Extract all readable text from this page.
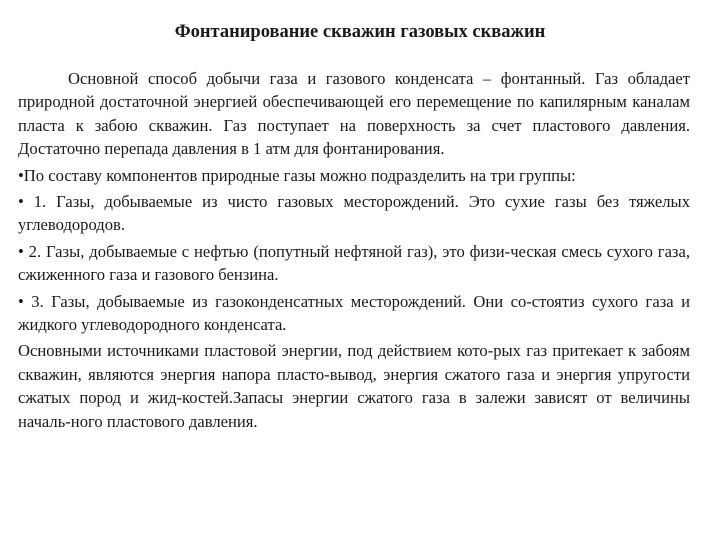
Фонтанирование скважин газовых скважин

Основной способ добычи газа и газового конденсата – фонтанный. Газ обладает природной достаточной энергией обеспечивающей его перемещение по капилярным каналам пласта к забою скважин. Газ поступает на поверхность за счет пластового давления. Достаточно перепада давления в 1 атм для фонтанирования.

•По составу компонентов природные газы можно подразделить на три группы:

• 1. Газы, добываемые из чисто газовых месторождений. Это сухие газы без тяжелых углеводородов.

• 2. Газы, добываемые с нефтью (попутный нефтяной газ), это физи-ческая смесь сухого газа, сжиженного газа и газового бензина.

• 3. Газы, добываемые из газоконденсатных месторождений. Они со-стоятиз сухого газа и жидкого углеводородного конденсата.

Основными источниками пластовой энергии, под действием кото-рых газ притекает к забоям скважин, являются энергия напора пласто-вывод, энергия сжатого газа и энергия упругости сжатых пород и жид-костей.Запасы энергии сжатого газа в залежи зависят от величины началь-ного пластового давления.
